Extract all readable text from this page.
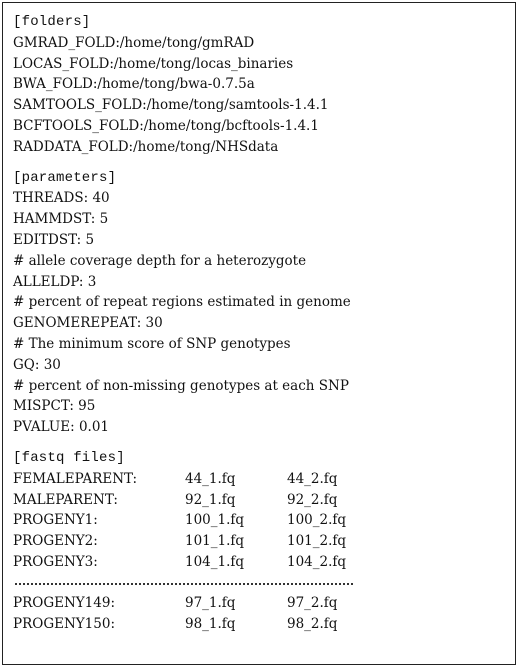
[folders]
GMRAD_FOLD:/home/tong/gmRAD
LOCAS_FOLD:/home/tong/locas_binaries
BWA_FOLD:/home/tong/bwa-0.7.5a
SAMTOOLS_FOLD:/home/tong/samtools-1.4.1
BCFTOOLS_FOLD:/home/tong/bcftools-1.4.1
RADDATA_FOLD:/home/tong/NHSdata
[parameters]
THREADS: 40
HAMMDST: 5
EDITDST: 5
# allele coverage depth for a heterozygote
ALLELDP: 3
# percent of repeat regions estimated in genome
GENOMEREPEAT: 30
# The minimum score of SNP genotypes
GQ: 30
# percent of non-missing genotypes at each SNP
MISPCT: 95
PVALUE: 0.01
[fastq files]
FEMALEPARENT:	44_1.fq	44_2.fq
MALEPARENT:	92_1.fq	92_2.fq
PROGENY1:	100_1.fq	100_2.fq
PROGENY2:	101_1.fq	101_2.fq
PROGENY3:	104_1.fq	104_2.fq
PROGENY149:	97_1.fq	97_2.fq
PROGENY150:	98_1.fq	98_2.fq
